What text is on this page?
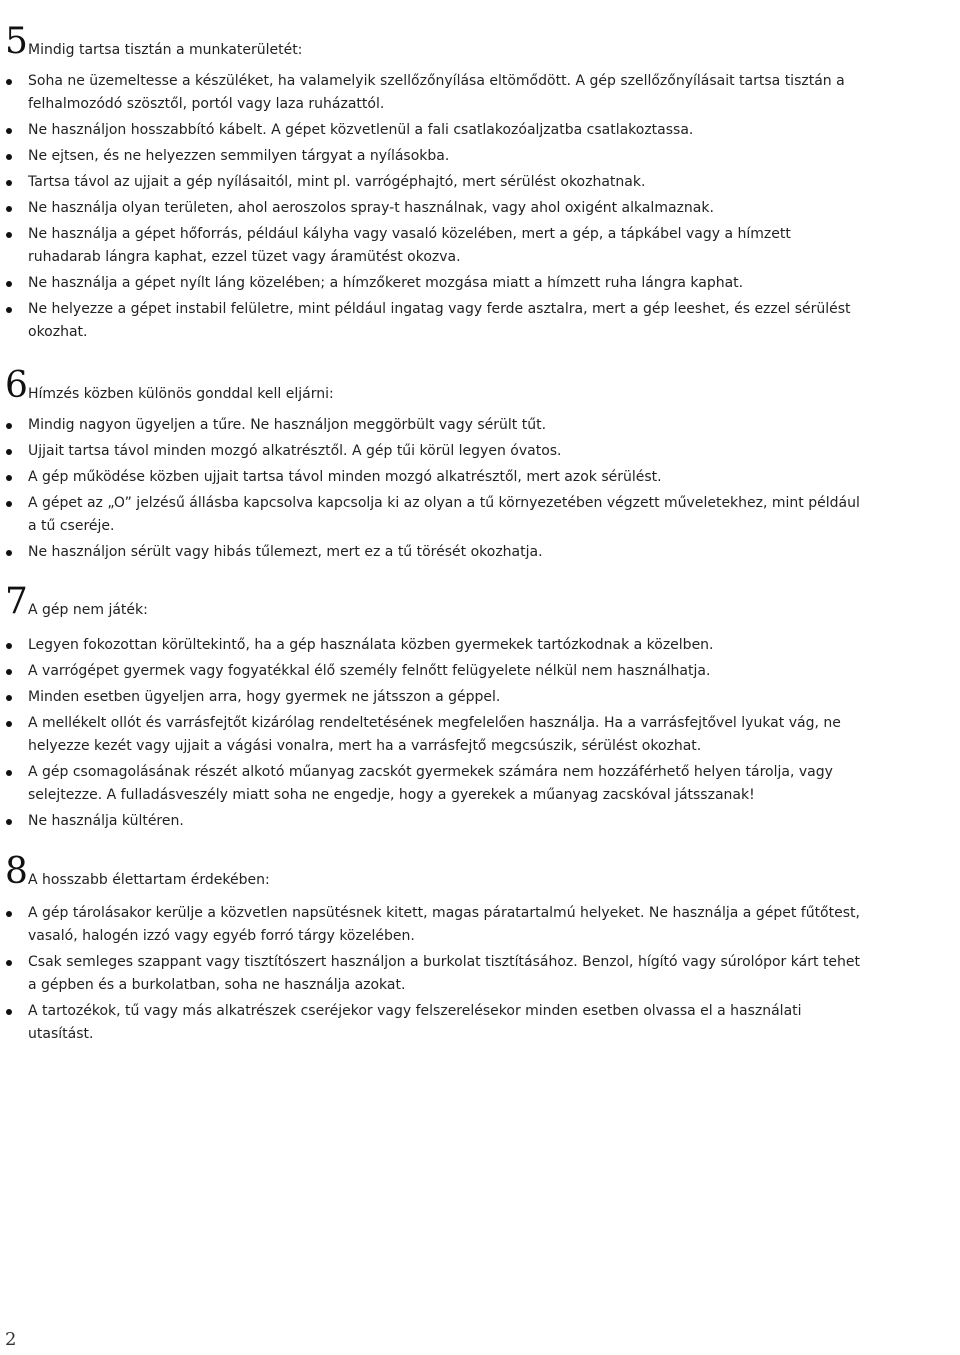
5 Mindig tartsa tisztán a munkaterületét:
Soha ne üzemeltesse a készüléket, ha valamelyik szellőzőnyílása eltömődött. A gép szellőzőnyílásait tartsa tisztán a felhalmozódó szösztől, portól vagy laza ruházattól.
Ne használjon hosszabbító kábelt. A gépet közvetlenül a fali csatlakozóaljzatba csatlakoztassa.
Ne ejtsen, és ne helyezzen semmilyen tárgyat a nyílásokba.
Tartsa távol az ujjait a gép nyílásaitól, mint pl. varrógéphajtó, mert sérülést okozhatnak.
Ne használja olyan területen, ahol aeroszolos spray-t használnak, vagy ahol oxigént alkalmaznak.
Ne használja a gépet hőforrás, például kályha vagy vasaló közelében, mert a gép, a tápkábel vagy a hímzett ruhadarab lángra kaphat, ezzel tüzet vagy áramütést okozva.
Ne használja a gépet nyílt láng közelében; a hímzőkeret mozgása miatt a hímzett ruha lángra kaphat.
Ne helyezze a gépet instabil felületre, mint például ingatag vagy ferde asztalra, mert a gép leeshet, és ezzel sérülést okozhat.
6 Hímzés közben különös gonddal kell eljárni:
Mindig nagyon ügyeljen a tűre. Ne használjon meggörbült vagy sérült tűt.
Ujjait tartsa távol minden mozgó alkatrésztől. A gép tűi körül legyen óvatos.
A gép működése közben ujjait tartsa távol minden mozgó alkatrésztől, mert azok sérülést.
A gépet az „O” jelzésű állásba kapcsolva kapcsolja ki az olyan a tű környezetében végzett műveletekhez, mint például a tű cseréje.
Ne használjon sérült vagy hibás tűlemezt, mert ez a tű törését okozhatja.
7 A gép nem játék:
Legyen fokozottan körültekintő, ha a gép használata közben gyermekek tartózkodnak a közelben.
A varrógépet gyermek vagy fogyatékkal élő személy felnőtt felügyelete nélkül nem használhatja.
Minden esetben ügyeljen arra, hogy gyermek ne játsszon a géppel.
A mellékelt ollót és varrásfejtőt kizárólag rendeltetésének megfelelően használja. Ha a varrásfejtővel lyukat vág, ne helyezze kezét vagy ujjait a vágási vonalra, mert ha a varrásfejtő megcsúszik, sérülést okozhat.
A gép csomagolásának részét alkotó műanyag zacskót gyermekek számára nem hozzáférhető helyen tárolja, vagy selejtezze. A fulladásveszély miatt soha ne engedje, hogy a gyerekek a műanyag zacskóval játsszanak!
Ne használja kültéren.
8 A hosszabb élettartam érdekében:
A gép tárolásakor kerülje a közvetlen napsütésnek kitett, magas páratartalmú helyeket. Ne használja a gépet fűtőtest, vasaló, halogén izzó vagy egyéb forró tárgy közelében.
Csak semleges szappant vagy tisztítószert használjon a burkolat tisztításához. Benzol, hígító vagy súrolópor kárt tehet a gépben és a burkolatban, soha ne használja azokat.
A tartozékok, tű vagy más alkatrészek cseréjekor vagy felszerelésekor minden esetben olvassa el a használati utasítást.
2
